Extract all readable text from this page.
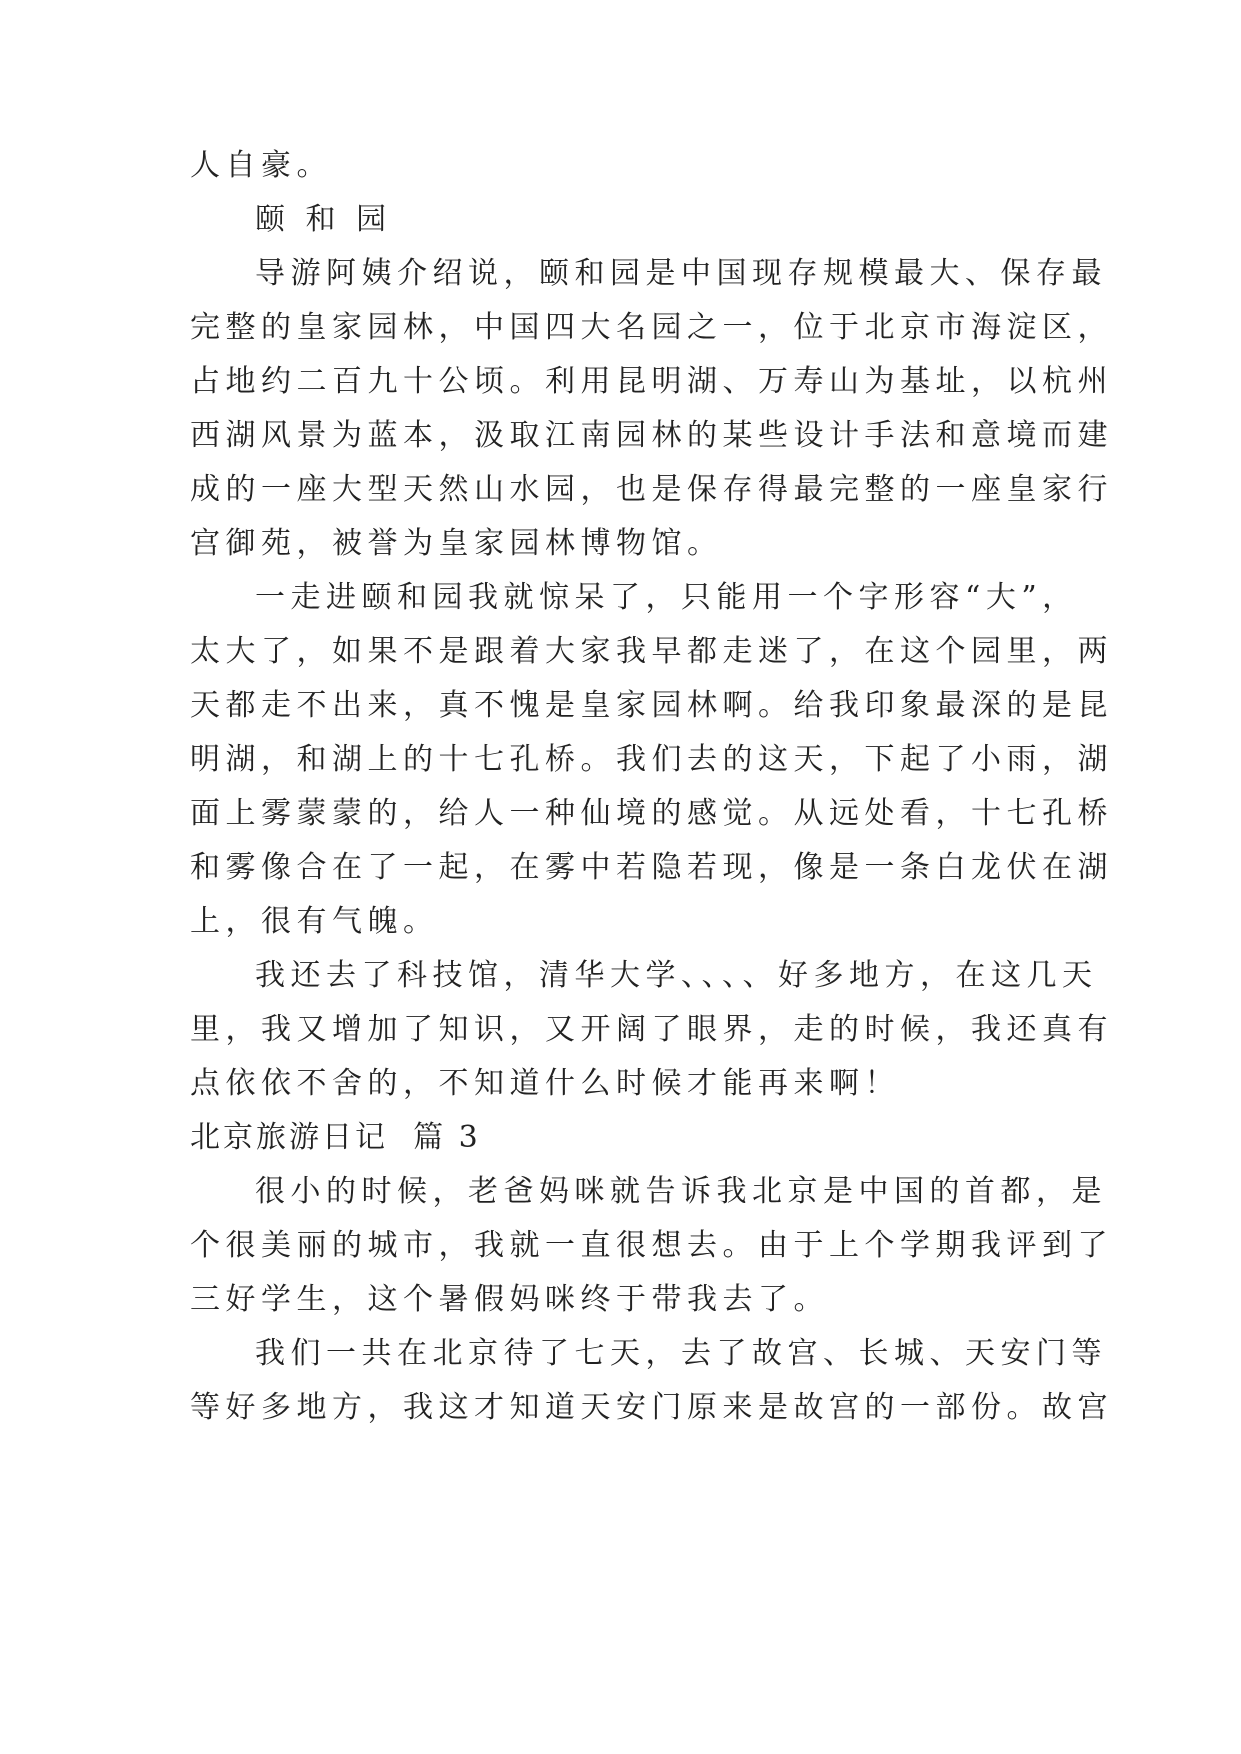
人自豪。
颐 和 园
导游阿姨介绍说，颐和园是中国现存规模最大、保存最
完整的皇家园林，中国四大名园之一，位于北京市海淀区，
占地约二百九十公顷。利用昆明湖、万寿山为基址，以杭州
西湖风景为蓝本，汲取江南园林的某些设计手法和意境而建
成的一座大型天然山水园，也是保存得最完整的一座皇家行
宫御苑，被誉为皇家园林博物馆。
一走进颐和园我就惊呆了，只能用一个字形容“大”，
太大了，如果不是跟着大家我早都走迷了，在这个园里，两
天都走不出来，真不愧是皇家园林啊。给我印象最深的是昆
明湖，和湖上的十七孔桥。我们去的这天，下起了小雨，湖
面上雾蒙蒙的，给人一种仙境的感觉。从远处看，十七孔桥
和雾像合在了一起，在雾中若隐若现，像是一条白龙伏在湖
上，很有气魄。
我还去了科技馆，清华大学、、、、好多地方，在这几天
里，我又增加了知识，又开阔了眼界，走的时候，我还真有
点依依不舍的，不知道什么时候才能再来啊！
北京旅游日记  篇 3
很小的时候，老爸妈咪就告诉我北京是中国的首都，是
个很美丽的城市，我就一直很想去。由于上个学期我评到了
三好学生，这个暑假妈咪终于带我去了。
我们一共在北京待了七天，去了故宫、长城、天安门等
等好多地方，我这才知道天安门原来是故宫的一部份。故宫
